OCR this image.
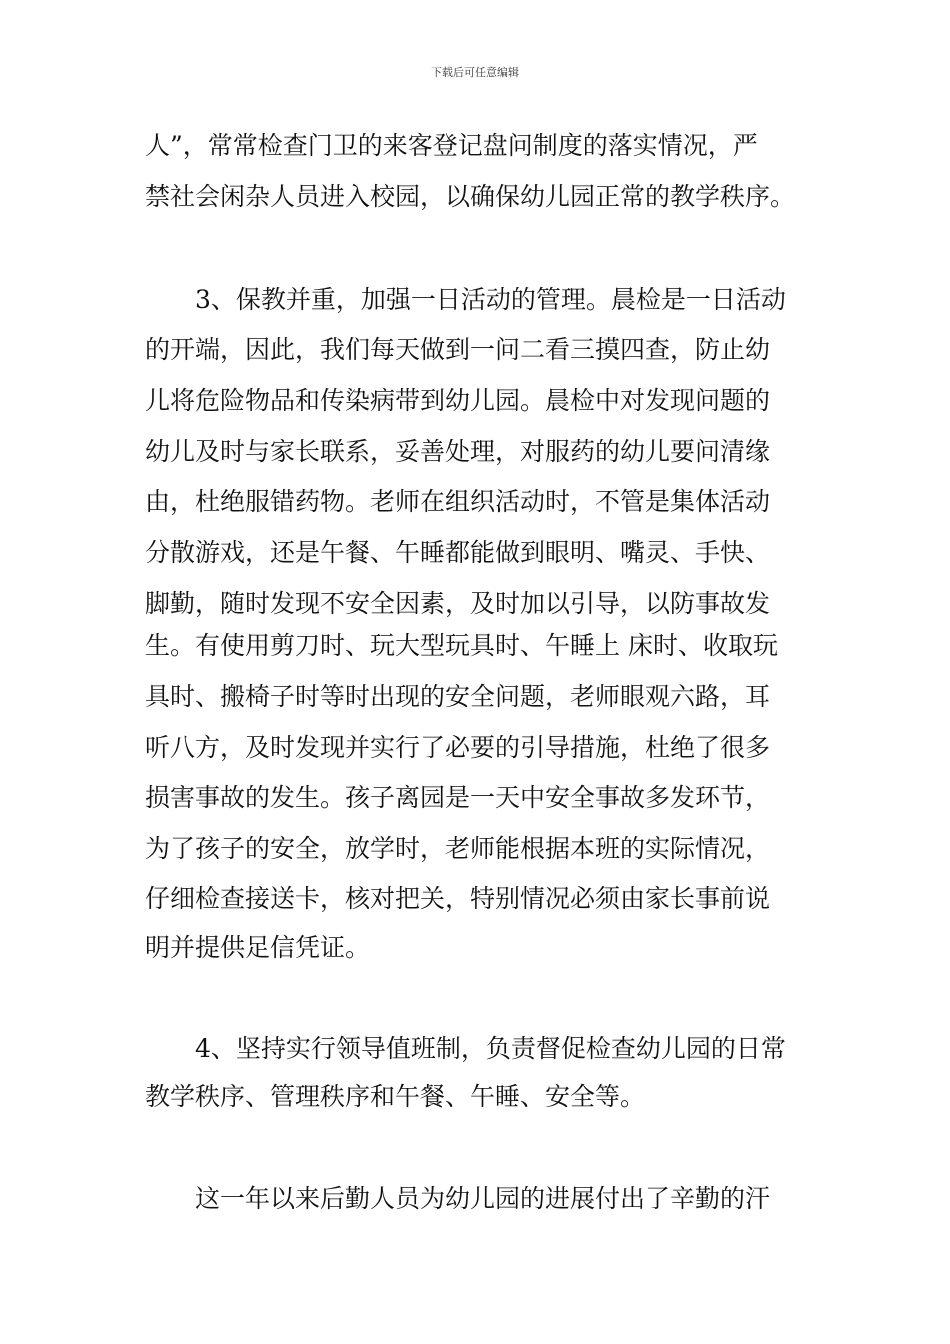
下载后可任意编辑
人”，常常检查门卫的来客登记盘问制度的落实情况，严
禁社会闲杂人员进入校园，以确保幼儿园正常的教学秩序。
3、保教并重，加强一日活动的管理。晨检是一日活动
的开端，因此，我们每天做到一问二看三摸四查，防止幼
儿将危险物品和传染病带到幼儿园。晨检中对发现问题的
幼儿及时与家长联系，妥善处理，对服药的幼儿要问清缘
由，杜绝服错药物。老师在组织活动时，不管是集体活动
分散游戏，还是午餐、午睡都能做到眼明、嘴灵、手快、
脚勤，随时发现不安全因素，及时加以引导，以防事故发
生。有使用剪刀时、玩大型玩具时、午睡上 床时、收取玩
具时、搬椅子时等时出现的安全问题，老师眼观六路，耳
听八方，及时发现并实行了必要的引导措施，杜绝了很多
损害事故的发生。孩子离园是一天中安全事故多发环节，
为了孩子的安全，放学时，老师能根据本班的实际情况，
仔细检查接送卡，核对把关，特别情况必须由家长事前说
明并提供足信凭证。
4、坚持实行领导值班制，负责督促检查幼儿园的日常
教学秩序、管理秩序和午餐、午睡、安全等。
这一年以来后勤人员为幼儿园的进展付出了辛勤的汗
